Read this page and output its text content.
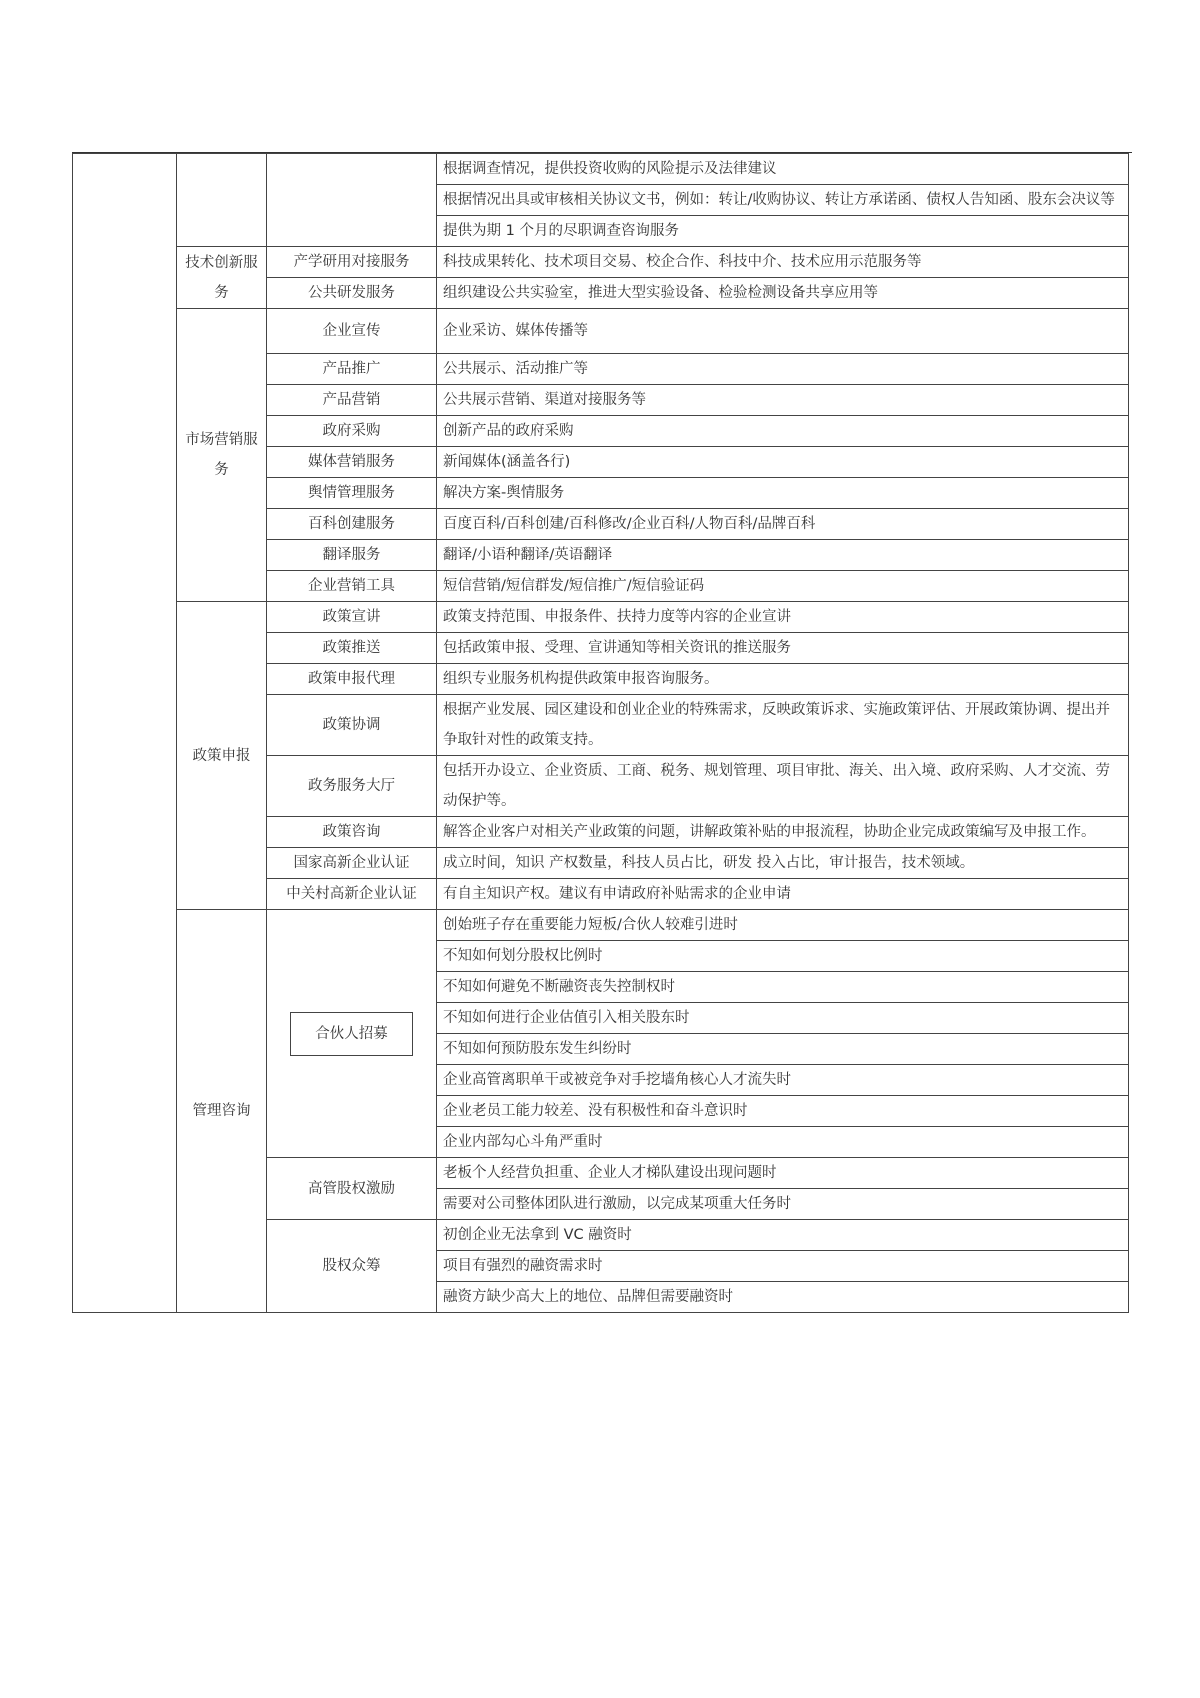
			根据调查情况，提供投资收购的风险提示及法律建议
			根据情况出具或审核相关协议文书，例如：转让/收购协议、转让方承诺函、债权人告知函、股东会决议等
			提供为期 1 个月的尽职调查咨询服务
	技术创新服务	产学研用对接服务	科技成果转化、技术项目交易、校企合作、科技中介、技术应用示范服务等
		公共研发服务	组织建设公共实验室，推进大型实验设备、检验检测设备共享应用等
	市场营销服务	企业宣传	企业采访、媒体传播等
		产品推广	公共展示、活动推广等
		产品营销	公共展示营销、渠道对接服务等
		政府采购	创新产品的政府采购
		媒体营销服务	新闻媒体(涵盖各行)
		舆情管理服务	解决方案-舆情服务
		百科创建服务	百度百科/百科创建/百科修改/企业百科/人物百科/品牌百科
		翻译服务	翻译/小语种翻译/英语翻译
		企业营销工具	短信营销/短信群发/短信推广/短信验证码
	政策申报	政策宣讲	政策支持范围、申报条件、扶持力度等内容的企业宣讲
		政策推送	包括政策申报、受理、宣讲通知等相关资讯的推送服务
		政策申报代理	组织专业服务机构提供政策申报咨询服务。
		政策协调	根据产业发展、园区建设和创业企业的特殊需求，反映政策诉求、实施政策评估、开展政策协调、提出并争取针对性的政策支持。
		政务服务大厅	包括开办设立、企业资质、工商、税务、规划管理、项目审批、海关、出入境、政府采购、人才交流、劳动保护等。
		政策咨询	解答企业客户对相关产业政策的问题，讲解政策补贴的申报流程，协助企业完成政策编写及申报工作。
		国家高新企业认证	成立时间，知识 产权数量，科技人员占比，研发 投入占比，审计报告，技术领域。
		中关村高新企业认证	有自主知识产权。建议有申请政府补贴需求的企业申请
	管理咨询	合伙人招募	创始班子存在重要能力短板/合伙人较难引进时
			不知如何划分股权比例时
			不知如何避免不断融资丧失控制权时
			不知如何进行企业估值引入相关股东时
			不知如何预防股东发生纠纷时
			企业高管离职单干或被竞争对手挖墙角核心人才流失时
			企业老员工能力较差、没有积极性和奋斗意识时
			企业内部勾心斗角严重时
		高管股权激励	老板个人经营负担重、企业人才梯队建设出现问题时
			需要对公司整体团队进行激励，以完成某项重大任务时
		股权众筹	初创企业无法拿到 VC 融资时
			项目有强烈的融资需求时
			融资方缺少高大上的地位、品牌但需要融资时
